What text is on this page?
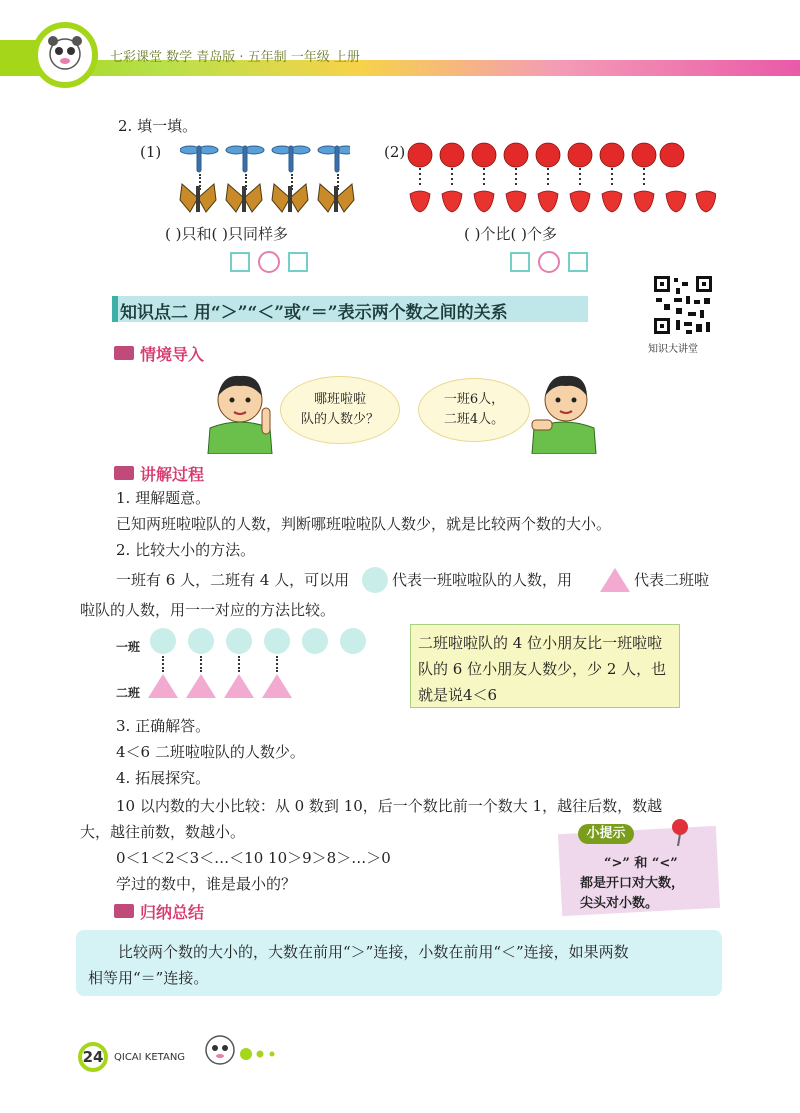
七彩课堂 数学 青岛版 · 五年制 一年级 上册
2. 填一填。
(1)
( )只和( )只同样多
(2)
( )个比( )个多
知识点二 用“＞”“＜”或“＝”表示两个数之间的关系
知识大讲堂
情境导入
哪班啦啦
队的人数少？
一班6人，
二班4人。
讲解过程
1. 理解题意。
已知两班啦啦队的人数，判断哪班啦啦队人数少，就是比较两个数的大小。
2. 比较大小的方法。
一班有 6 人，二班有 4 人，可以用	代表一班啦啦队的人数，用	代表二班啦
啦队的人数，用一一对应的方法比较。
一班
二班
二班啦啦队的 4 位小朋友比一班啦啦队的 6 位小朋友人数少，少 2 人，也就是说4＜6
3. 正确解答。
4＜6 二班啦啦队的人数少。
4. 拓展探究。
10 以内数的大小比较：从 0 数到 10，后一个数比前一个数大 1，越往后数，数越
大，越往前数，数越小。
0＜1＜2＜3＜…＜10 10＞9＞8＞…＞0
学过的数中，谁是最小的？
小提示
“>” 和 “<”
都是开口对大数，
尖头对小数。
归纳总结
比较两个数的大小的，大数在前用“＞”连接，小数在前用“＜”连接，如果两数
相等用“＝”连接。
24	QICAI KETANG
